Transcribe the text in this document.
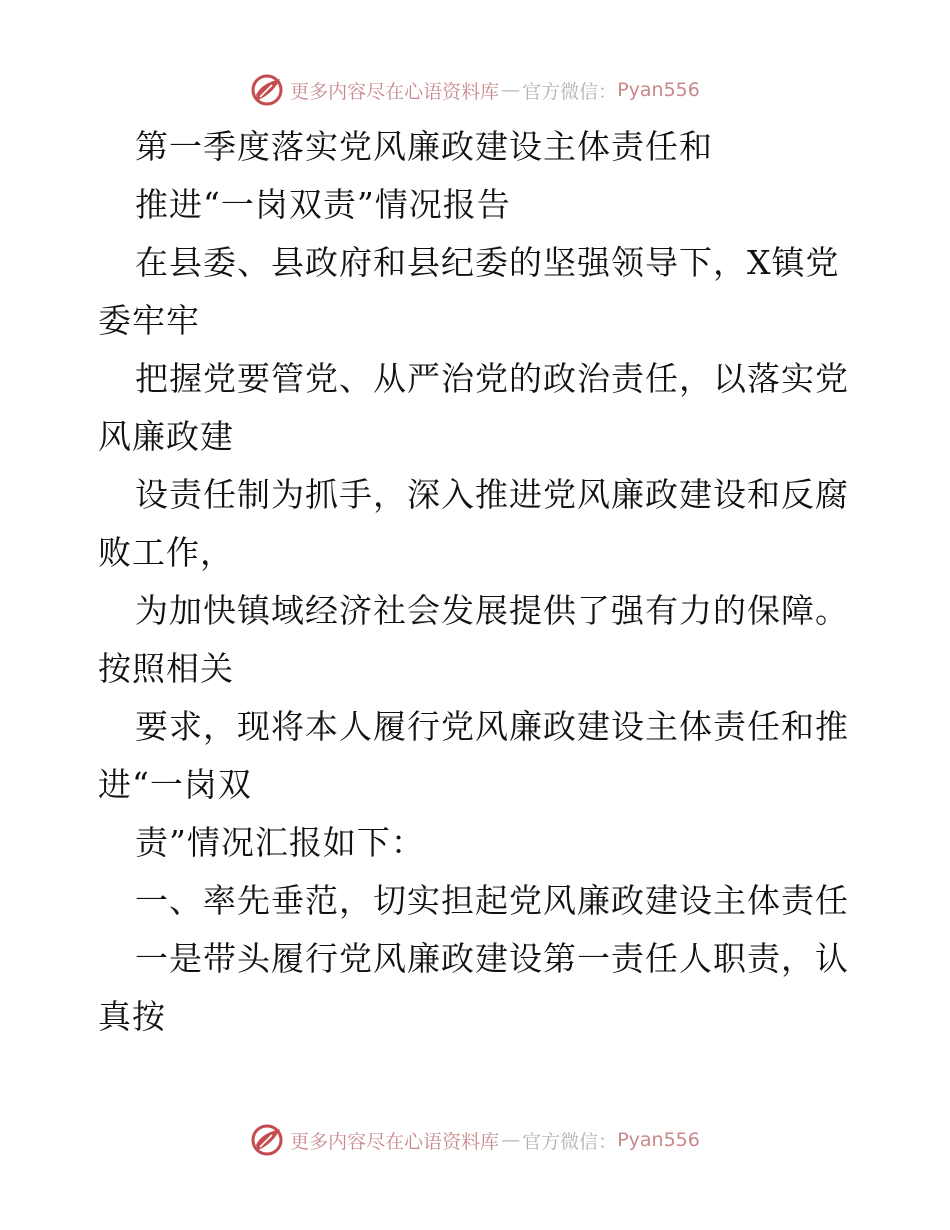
更多内容尽在心语资料库 — 官方微信： Pyan556
第一季度落实党风廉政建设主体责任和
推进“一岗双责”情况报告
在县委、县政府和县纪委的坚强领导下，X镇党
委牢牢
把握党要管党、从严治党的政治责任，以落实党
风廉政建
设责任制为抓手，深入推进党风廉政建设和反腐
败工作，
为加快镇域经济社会发展提供了强有力的保障。
按照相关
要求，现将本人履行党风廉政建设主体责任和推
进“一岗双
责”情况汇报如下：
一、率先垂范，切实担起党风廉政建设主体责任
一是带头履行党风廉政建设第一责任人职责，认
真按
更多内容尽在心语资料库 — 官方微信： Pyan556
